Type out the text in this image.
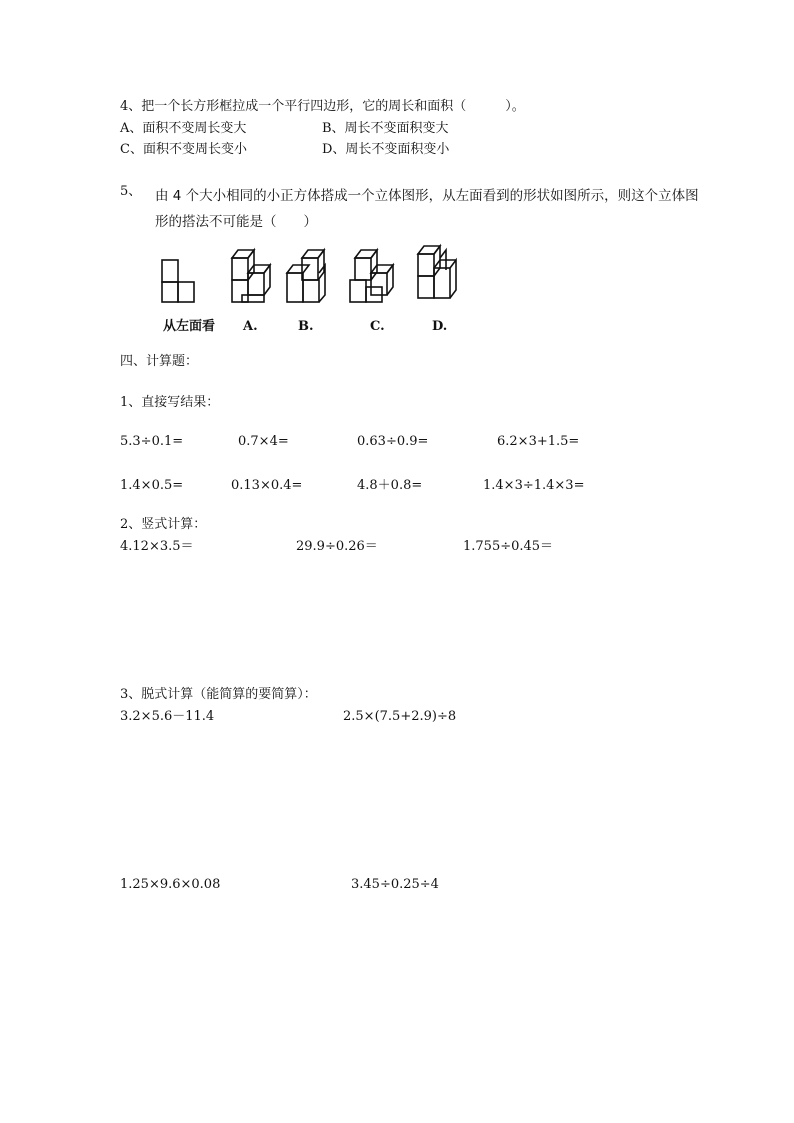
4、把一个长方形框拉成一个平行四边形，它的周长和面积（　　　）。
A、面积不变周长变大	B、周长不变面积变大
C、面积不变周长变小	D、周长不变面积变小
5、 由 4 个大小相同的小正方体搭成一个立体图形，从左面看到的形状如图所示，则这个立体图
形的搭法不可能是（　　）
从左面看 A.	B.	C.	D.
四、计算题：
1、直接写结果：
5.3÷0.1=	0.7×4=	0.63÷0.9=	6.2×3+1.5=
1.4×0.5=	0.13×0.4=	4.8＋0.8=	1.4×3÷1.4×3=
2、竖式计算：
4.12×3.5＝	29.9÷0.26＝	1.755÷0.45＝
3、脱式计算（能简算的要简算）：
3.2×5.6－11.4	2.5×(7.5+2.9)÷8
1.25×9.6×0.08	3.45÷0.25÷4
